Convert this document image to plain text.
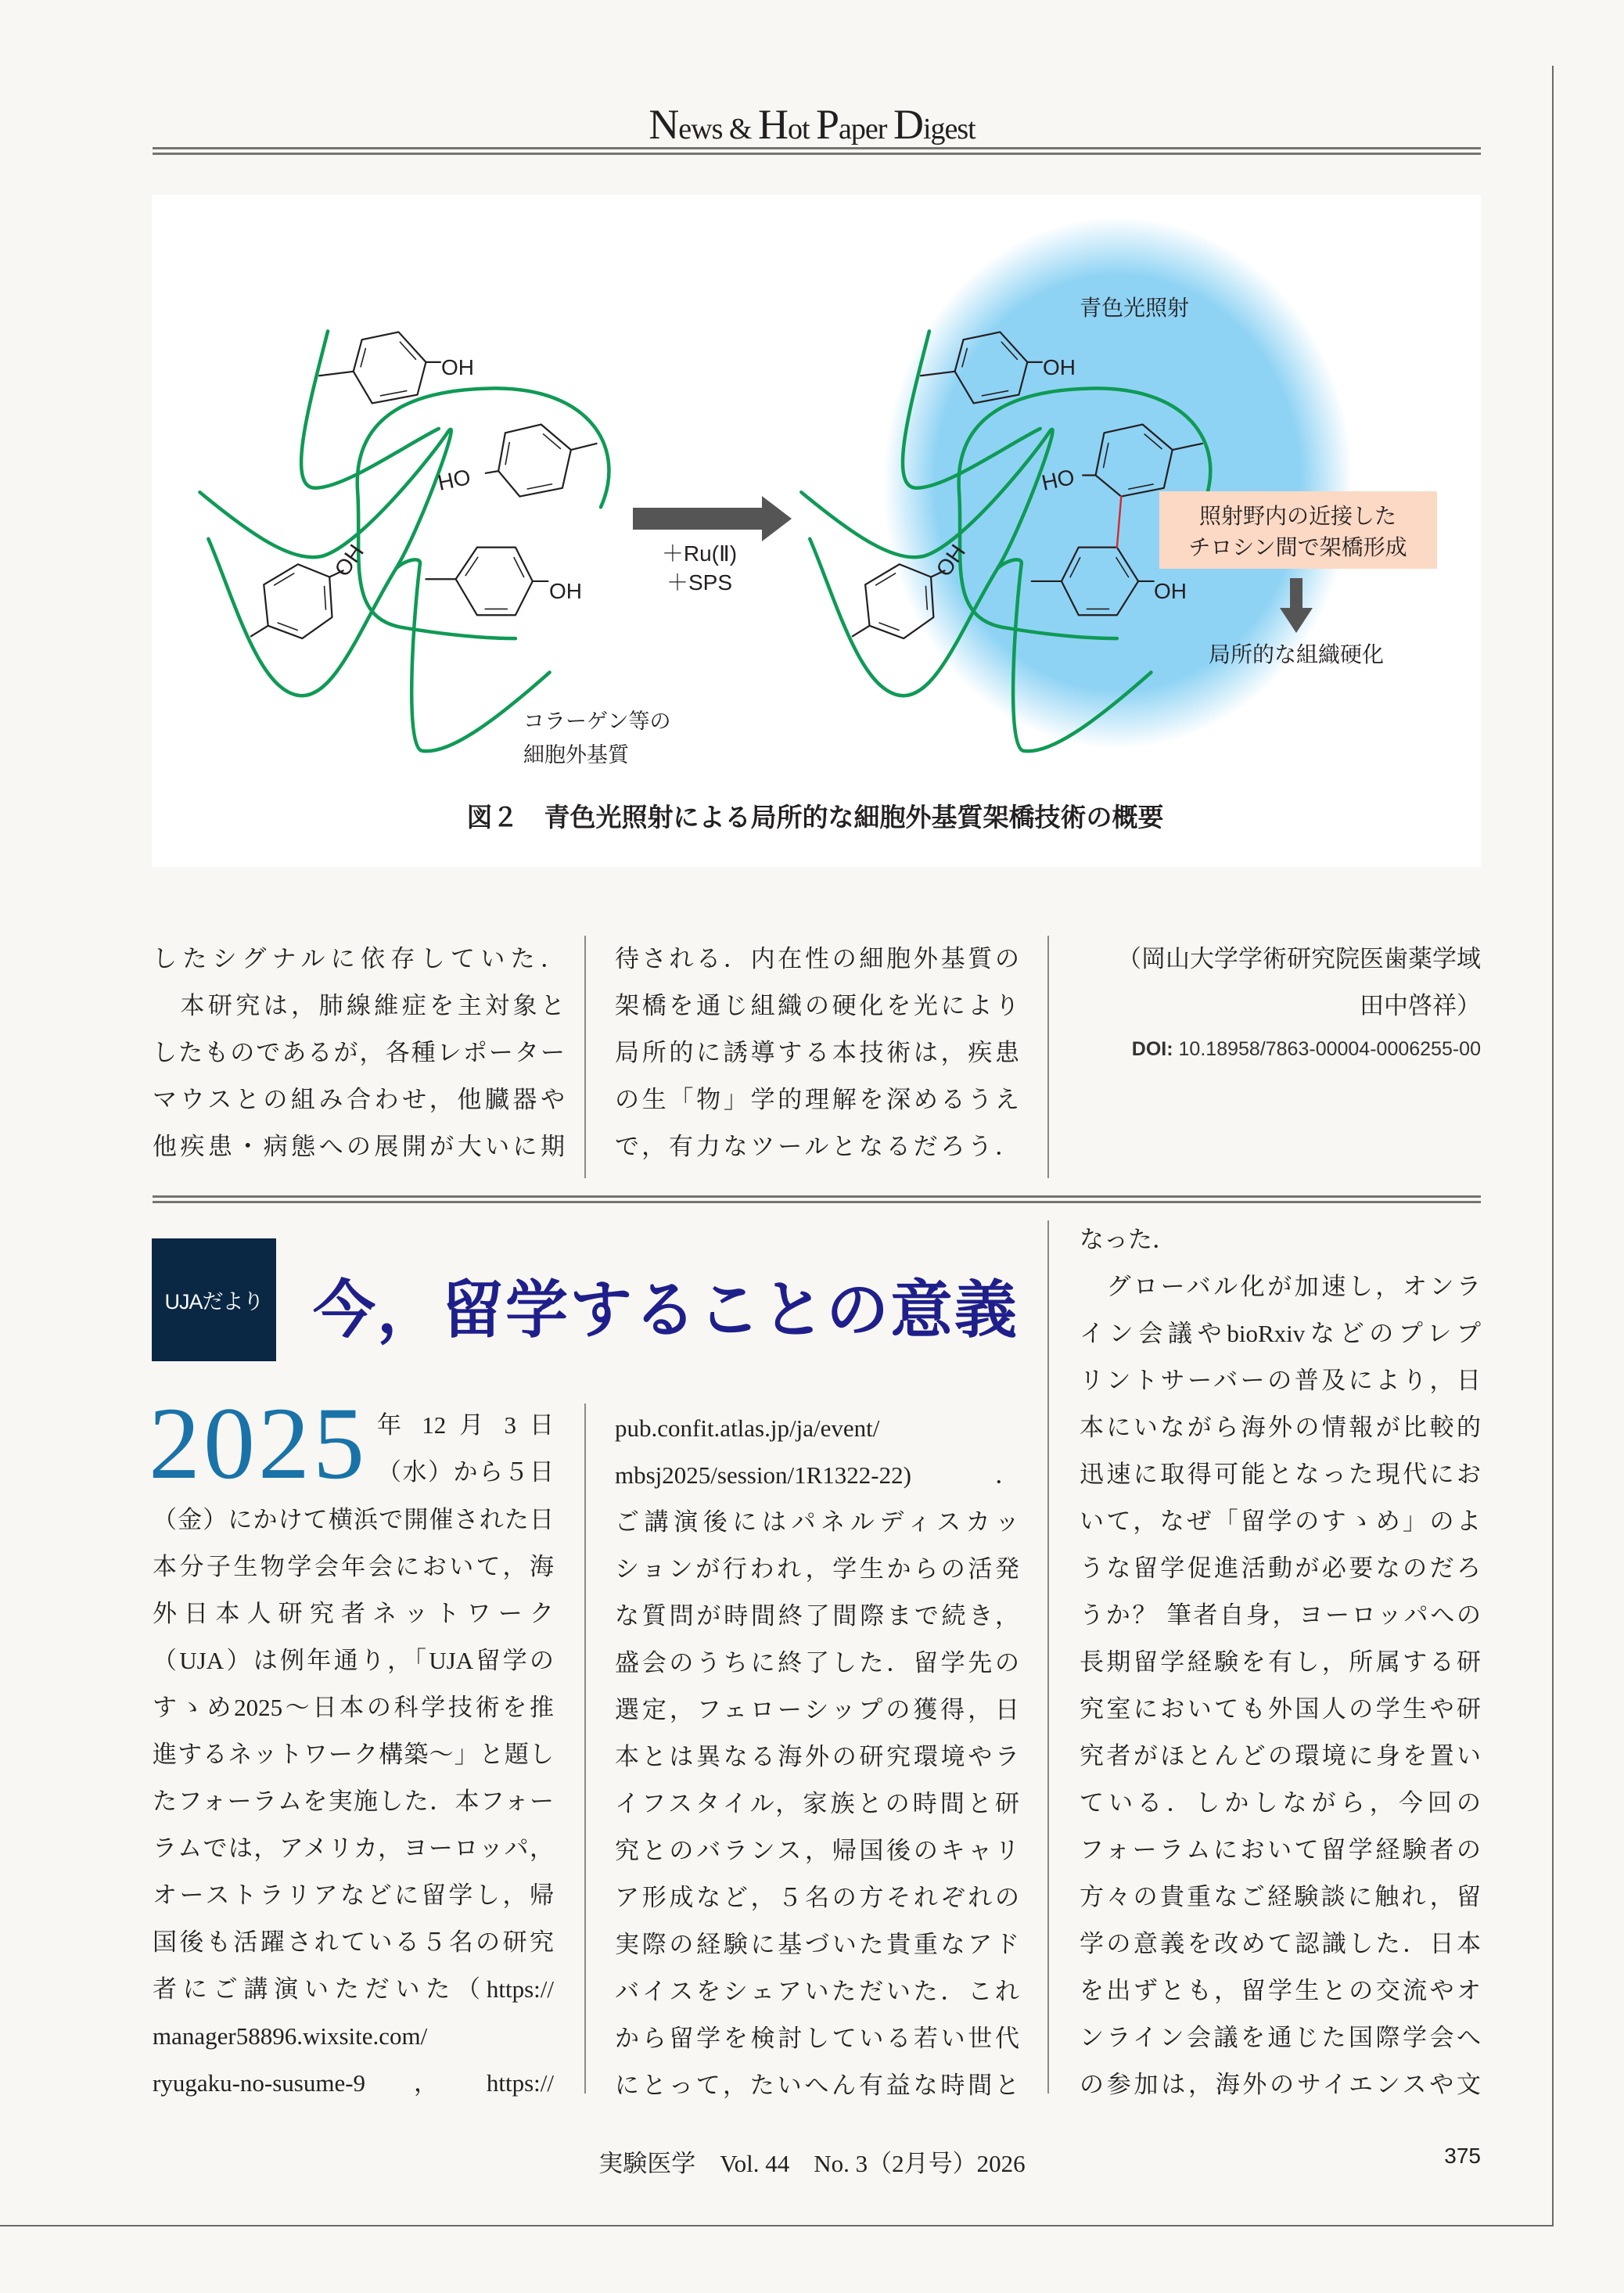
News & Hot Paper Digest
＋Ru(Ⅱ)
＋SPS
コラーゲン等の
細胞外基質
青色光照射
OH
HO
OH
OH
OH
HO
OH
OH
照射野内の近接した
チロシン間で架橋形成
局所的な組織硬化
図２　青色光照射による局所的な細胞外基質架橋技術の概要
したシグナルに依存していた．
　本研究は，肺線維症を主対象と
したものであるが，各種レポーター
マウスとの組み合わせ，他臓器や
他疾患・病態への展開が大いに期
待される．内在性の細胞外基質の
架橋を通じ組織の硬化を光により
局所的に誘導する本技術は，疾患
の生「物」学的理解を深めるうえ
で，有力なツールとなるだろう．
（岡山大学学術研究院医歯薬学域
田中啓祥）
DOI: 10.18958/7863-00004-0006255-00
UJAだより 今，留学することの意義
2025 年 12 月 3 日
（水）から５日
（金）にかけて横浜で開催された日
本分子生物学会年会において，海
外日本人研究者ネットワーク
（UJA）は例年通り，「UJA留学の
すゝめ2025～日本の科学技術を推
進するネットワーク構築～」と題し
たフォーラムを実施した．本フォー
ラムでは，アメリカ，ヨーロッパ，
オーストラリアなどに留学し，帰
国後も活躍されている５名の研究
者にご講演いただいた（https://
manager58896.wixsite.com/
ryugaku-no-susume-9，https://
pub.confit.atlas.jp/ja/event/
mbsj2025/session/1R1322-22)．
ご講演後にはパネルディスカッ
ションが行われ，学生からの活発
な質問が時間終了間際まで続き，
盛会のうちに終了した．留学先の
選定，フェローシップの獲得，日
本とは異なる海外の研究環境やラ
イフスタイル，家族との時間と研
究とのバランス，帰国後のキャリ
ア形成など，５名の方それぞれの
実際の経験に基づいた貴重なアド
バイスをシェアいただいた．これ
から留学を検討している若い世代
にとって，たいへん有益な時間と
なった．
　グローバル化が加速し，オンラ
イン会議やbioRxivなどのプレプ
リントサーバーの普及により，日
本にいながら海外の情報が比較的
迅速に取得可能となった現代にお
いて，なぜ「留学のすゝめ」のよ
うな留学促進活動が必要なのだろ
うか？ 筆者自身，ヨーロッパへの
長期留学経験を有し，所属する研
究室においても外国人の学生や研
究者がほとんどの環境に身を置い
ている．しかしながら，今回の
フォーラムにおいて留学経験者の
方々の貴重なご経験談に触れ，留
学の意義を改めて認識した．日本
を出ずとも，留学生との交流やオ
ンライン会議を通じた国際学会へ
の参加は，海外のサイエンスや文
実験医学　Vol. 44　No. 3（2月号）2026	375
